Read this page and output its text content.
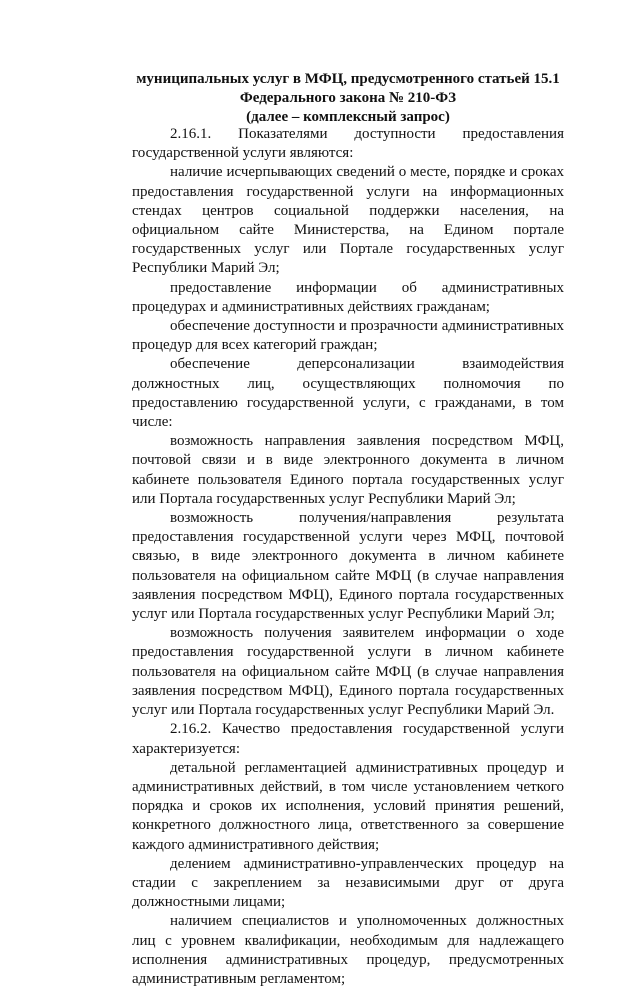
муниципальных услуг в МФЦ, предусмотренного статьей 15.1
Федерального закона № 210-ФЗ
(далее – комплексный запрос)

2.16.1. Показателями доступности предоставления государственной услуги являются:

наличие исчерпывающих сведений о месте, порядке и сроках предоставления государственной услуги на информационных стендах центров социальной поддержки населения, на официальном сайте Министерства, на Едином портале государственных услуг или Портале государственных услуг Республики Марий Эл;

предоставление информации об административных процедурах и административных действиях гражданам;

обеспечение доступности и прозрачности административных процедур для всех категорий граждан;

обеспечение деперсонализации взаимодействия должностных лиц, осуществляющих полномочия по предоставлению государственной услуги, с гражданами, в том числе:

возможность направления заявления посредством МФЦ, почтовой связи и в виде электронного документа в личном кабинете пользователя Единого портала государственных услуг или Портала государственных услуг Республики Марий Эл;

возможность получения/направления результата предоставления государственной услуги через МФЦ, почтовой связью, в виде электронного документа в личном кабинете пользователя на официальном сайте МФЦ (в случае направления заявления посредством МФЦ), Единого портала государственных услуг или Портала государственных услуг Республики Марий Эл;

возможность получения заявителем информации о ходе предоставления государственной услуги в личном кабинете пользователя на официальном сайте МФЦ (в случае направления заявления посредством МФЦ), Единого портала государственных услуг или Портала государственных услуг Республики Марий Эл.

2.16.2. Качество предоставления государственной услуги характеризуется:

детальной регламентацией административных процедур и административных действий, в том числе установлением четкого порядка и сроков их исполнения, условий принятия решений, конкретного должностного лица, ответственного за совершение каждого административного действия;

делением административно-управленческих процедур на стадии с закреплением за независимыми друг от друга должностными лицами;

наличием специалистов и уполномоченных должностных лиц с уровнем квалификации, необходимым для надлежащего исполнения административных процедур, предусмотренных административным регламентом;
